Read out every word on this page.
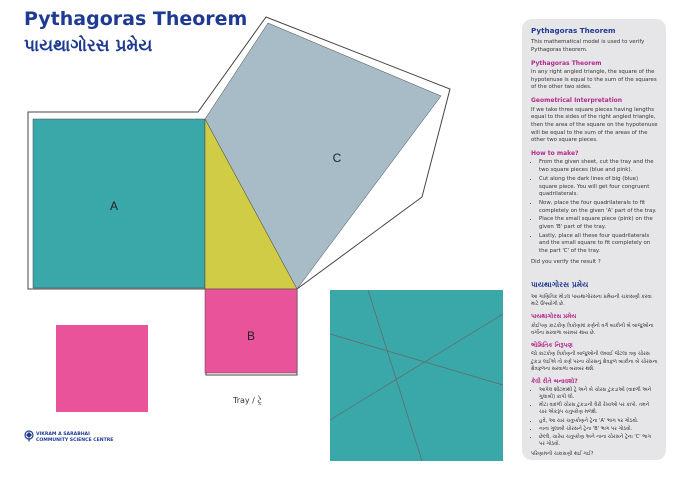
Pythagoras Theorem
પાયથાગોરસ પ્રમેય
A
C
B
Tray / ટ્રે
VIKRAM A SARABHAI
COMMUNITY SCIENCE CENTRE
Pythagoras Theorem

This mathematical model is used to verify Pythagoras theorem.

Pythagoras Theorem

In any right angled triangle, the square of the hypotenuse is equal to the sum of the squares of the other two sides.

Geometrical Interpretation

If we take three square pieces having lengths equal to the sides of the right angled triangle, then the area of the square on the hypotenuse will be equal to the sum of the areas of the other two square pieces.

How to make?
• From the given sheet, cut the tray and the two square pieces (blue and pink).
• Cut along the dark lines of big (blue) square piece. You will get four congruent quadrilaterals.
• Now, place the four quadrilaterals to fit completely on the given 'A' part of the tray.
• Place the small square piece (pink) on the given 'B' part of the tray.
• Lastly, place all these four quadrilaterals and the small square to fit completely on the part 'C' of the tray.

Did you verify the result ?

પાયથાગોરસ પ્રમેય

આ ગાણિતિક મોડલ પાયથાગોરસના પ્રમેયની ચકાસણી કરવા માટે ઉપયોગી છે.

પાયથાગોરસ પ્રમેય

કોઈપણ કાટકોણ ત્રિકોણમાં કર્ણનો વર્ગ બાકીની બે બાજુઓના વર્ગોના સરવાળા બરાબર થાય છે.

ભૌમિતિક નિરૂપણ

જો કાટકોણ ત્રિકોણની બાજુઓની લંબાઈ જેટલા ત્રણ ચોરસ ટુકડા લઈએ તો કર્ણ પરના ચોરસનું ક્ષેત્રફળ બાકીના બે ચોરસના ક્ષેત્રફળના સરવાળા બરાબર થશે.

કેવી રીતે બનાવશો?
• આપેલ શીટમાંથી ટ્રે અને બે ચોરસ ટુકડાઓ (વાદળી અને ગુલાબી) કાપી લો.
• મોટા વાદળી ચોરસ ટુકડાની ઘેરી રેખાઓ પર કાપો. તમને ચાર એકરૂપ ચતુષ્કોણ મળશે.
• હવે, આ ચાર ચતુષ્કોણને ટ્રેના 'A' ભાગ પર ગોઠવો.
• નાના ગુલાબી ચોરસને ટ્રેના 'B' ભાગ પર ગોઠવો.
• છેલ્લે, ચારેય ચતુષ્કોણ અને નાના ચોરસને ટ્રેના 'C' ભાગ પર ગોઠવો.

પરિણામની ચકાસણી થઈ ગઈ?
